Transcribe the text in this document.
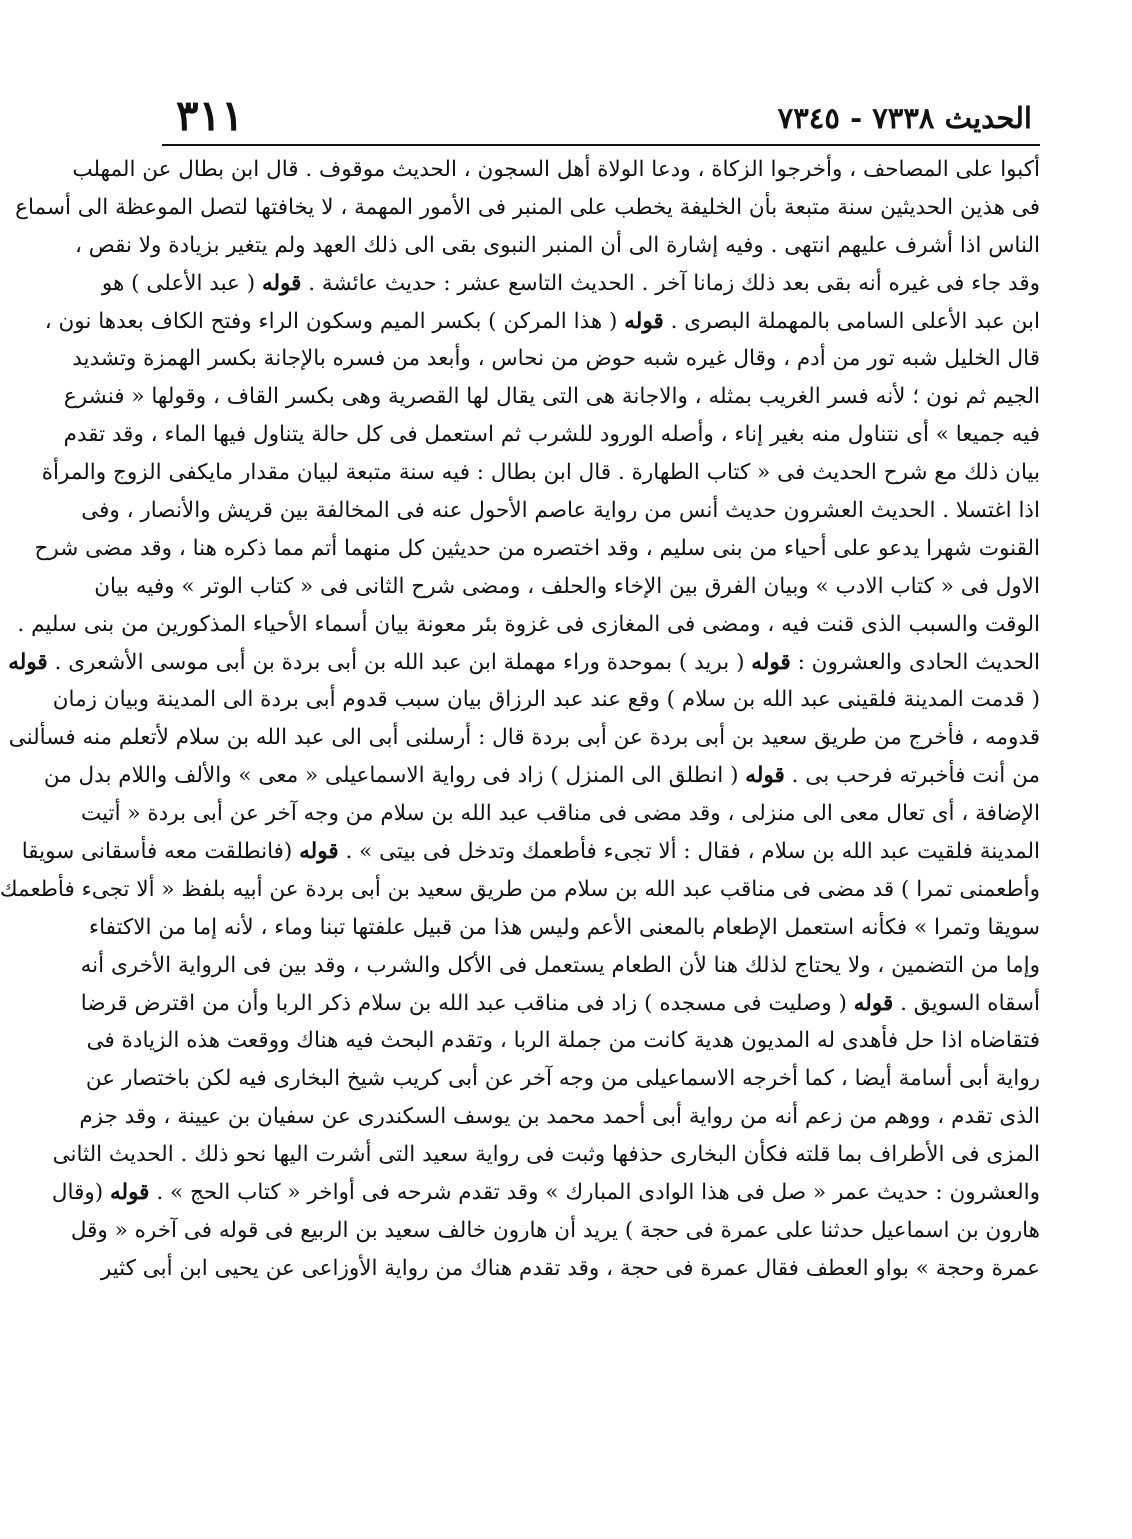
٣١١	الحديث ٧٣٣٨ - ٧٣٤٥
أكبوا على المصاحف ، وأخرجوا الزكاة ، ودعا الولاة أهل السجون ، الحديث موقوف . قال ابن بطال عن المهلب
فى هذين الحديثين سنة متبعة بأن الخليفة يخطب على المنبر فى الأمور المهمة ، لا يخافتها لتصل الموعظة الى أسماع
الناس اذا أشرف عليهم انتهى . وفيه إشارة الى أن المنبر النبوى بقى الى ذلك العهد ولم يتغير بزيادة ولا نقص ،
وقد جاء فى غيره أنه بقى بعد ذلك زمانا آخر . الحديث التاسع عشر : حديث عائشة . قوله ( عبد الأعلى ) هو
ابن عبد الأعلى السامى بالمهملة البصرى . قوله ( هذا المركن ) بكسر الميم وسكون الراء وفتح الكاف بعدها نون ،
قال الخليل شبه تور من أدم ، وقال غيره شبه حوض من نحاس ، وأبعد من فسره بالإجانة بكسر الهمزة وتشديد
الجيم ثم نون ؛ لأنه فسر الغريب بمثله ، والاجانة هى التى يقال لها القصرية وهى بكسر القاف ، وقولها « فنشرع
فيه جميعا » أى نتناول منه بغير إناء ، وأصله الورود للشرب ثم استعمل فى كل حالة يتناول فيها الماء ، وقد تقدم
بيان ذلك مع شرح الحديث فى « كتاب الطهارة . قال ابن بطال : فيه سنة متبعة لبيان مقدار مايكفى الزوج والمرأة
اذا اغتسلا . الحديث العشرون حديث أنس من رواية عاصم الأحول عنه فى المخالفة بين قريش والأنصار ، وفى
القنوت شهرا يدعو على أحياء من بنى سليم ، وقد اختصره من حديثين كل منهما أتم مما ذكره هنا ، وقد مضى شرح
الاول فى « كتاب الادب » وبيان الفرق بين الإخاء والحلف ، ومضى شرح الثانى فى « كتاب الوتر » وفيه بيان
الوقت والسبب الذى قنت فيه ، ومضى فى المغازى فى غزوة بئر معونة بيان أسماء الأحياء المذكورين من بنى سليم .
الحديث الحادى والعشرون : قوله ( بريد ) بموحدة وراء مهملة ابن عبد الله بن أبى بردة بن أبى موسى الأشعرى . قوله
( قدمت المدينة فلقينى عبد الله بن سلام ) وقع عند عبد الرزاق بيان سبب قدوم أبى بردة الى المدينة وبيان زمان
قدومه ، فأخرج من طريق سعيد بن أبى بردة عن أبى بردة قال : أرسلنى أبى الى عبد الله بن سلام لأتعلم منه فسألنى
من أنت فأخبرته فرحب بى . قوله ( انطلق الى المنزل ) زاد فى رواية الاسماعيلى « معى » والألف واللام بدل من
الإضافة ، أى تعال معى الى منزلى ، وقد مضى فى مناقب عبد الله بن سلام من وجه آخر عن أبى بردة « أتيت
المدينة فلقيت عبد الله بن سلام ، فقال : ألا تجىء فأطعمك وتدخل فى بيتى » . قوله (فانطلقت معه فأسقانى سويقا
وأطعمنى تمرا ) قد مضى فى مناقب عبد الله بن سلام من طريق سعيد بن أبى بردة عن أبيه بلفظ « ألا تجىء فأطعمك
سويقا وتمرا » فكأنه استعمل الإطعام بالمعنى الأعم وليس هذا من قبيل علفتها تبنا وماء ، لأنه إما من الاكتفاء
وإما من التضمين ، ولا يحتاج لذلك هنا لأن الطعام يستعمل فى الأكل والشرب ، وقد بين فى الرواية الأخرى أنه
أسقاه السويق . قوله ( وصليت فى مسجده ) زاد فى مناقب عبد الله بن سلام ذكر الربا وأن من اقترض قرضا
فتقاضاه اذا حل فأهدى له المديون هدية كانت من جملة الربا ، وتقدم البحث فيه هناك ووقعت هذه الزيادة فى
رواية أبى أسامة أيضا ، كما أخرجه الاسماعيلى من وجه آخر عن أبى كريب شيخ البخارى فيه لكن باختصار عن
الذى تقدم ، ووهم من زعم أنه من رواية أبى أحمد محمد بن يوسف السكندرى عن سفيان بن عيينة ، وقد جزم
المزى فى الأطراف بما قلته فكأن البخارى حذفها وثبت فى رواية سعيد التى أشرت اليها نحو ذلك . الحديث الثانى
والعشرون : حديث عمر « صل فى هذا الوادى المبارك » وقد تقدم شرحه فى أواخر « كتاب الحج » . قوله (وقال
هارون بن اسماعيل حدثنا على عمرة فى حجة ) يريد أن هارون خالف سعيد بن الربيع فى قوله فى آخره « وقل
عمرة وحجة » بواو العطف فقال عمرة فى حجة ، وقد تقدم هناك من رواية الأوزاعى عن يحيى ابن أبى كثير
